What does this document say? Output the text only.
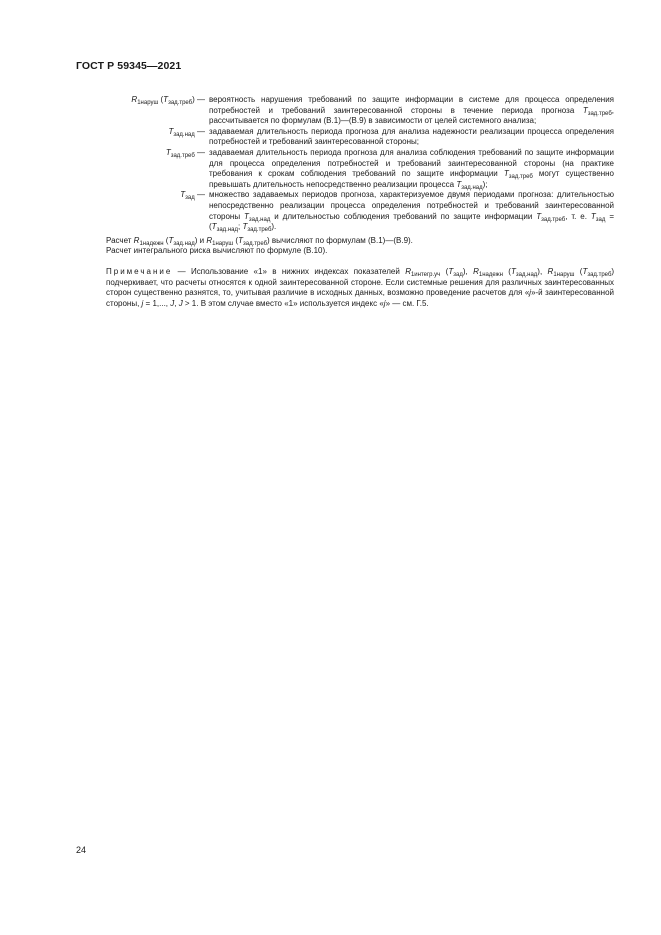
ГОСТ Р 59345—2021
$R_{1наруш}$ $(T_{зад.треб})$ — вероятность нарушения требований по защите информации в системе для процесса определения потребностей и требований заинтересованной стороны в течение периода прогноза $T_{зад.треб}$, рассчитывается по формулам (В.1)—(В.9) в зависимости от целей системного анализа;
$T_{зад.над}$ — задаваемая длительность периода прогноза для анализа надежности реализации процесса определения потребностей и требований заинтересованной стороны;
$T_{зад.треб}$ — задаваемая длительность периода прогноза для анализа соблюдения требований по защите информации для процесса определения потребностей и требований заинтересованной стороны (на практике требования к срокам соблюдения требований по защите информации $T_{зад.треб}$ могут существенно превышать длительность непосредственно реализации процесса $T_{зад.над}$);
$T_{зад}$ — множество задаваемых периодов прогноза, характеризуемое двумя периодами прогноза: длительностью непосредственно реализации процесса определения потребностей и требований заинтересованной стороны $T_{зад.над}$ и длительностью соблюдения требований по защите информации $T_{зад.треб}$, т. е. $T_{зад} = (T_{зад.над}$; $T_{зад.треб}$).

Расчет $R_{1надежн}$ $(T_{зад.над})$ и $R_{1наруш}$ $(T_{зад.треб})$ вычисляют по формулам (В.1)—(В.9).

Расчет интегрального риска вычисляют по формуле (В.10).

Примечание — Использование «1» в нижних индексах показателей $R_{1интегр.уч}$ $(T_{зад})$, $R_{1надежн}$ $(T_{зад.над})$, $R_{1наруш}$ $(T_{зад.треб})$ подчеркивает, что расчеты относятся к одной заинтересованной стороне. Если системные решения для различных заинтересованных сторон существенно разнятся, то, учитывая различие в исходных данных, возможно проведение расчетов для «j»-й заинтересованной стороны, j = 1,..., J, J > 1. В этом случае вместо «1» используется индекс «j» — см. Г.5.

24
